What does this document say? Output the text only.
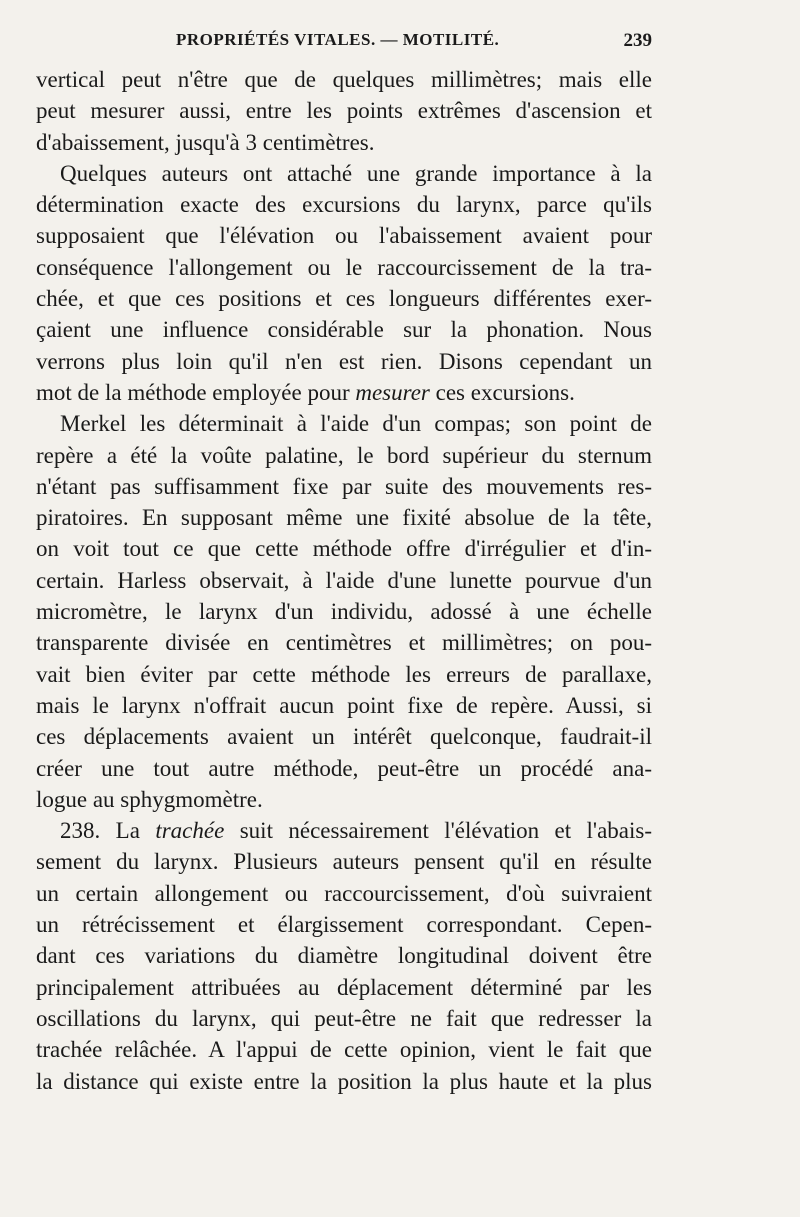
PROPRIÉTÉS VITALES. — MOTILITÉ.	239
vertical peut n'être que de quelques millimètres; mais elle
peut mesurer aussi, entre les points extrêmes d'ascension et
d'abaissement, jusqu'à 3 centimètres.
Quelques auteurs ont attaché une grande importance à la
détermination exacte des excursions du larynx, parce qu'ils
supposaient que l'élévation ou l'abaissement avaient pour
conséquence l'allongement ou le raccourcissement de la tra-
chée, et que ces positions et ces longueurs différentes exer-
çaient une influence considérable sur la phonation. Nous
verrons plus loin qu'il n'en est rien. Disons cependant un
mot de la méthode employée pour mesurer ces excursions.
Merkel les déterminait à l'aide d'un compas; son point de
repère a été la voûte palatine, le bord supérieur du sternum
n'étant pas suffisamment fixe par suite des mouvements res-
piratoires. En supposant même une fixité absolue de la tête,
on voit tout ce que cette méthode offre d'irrégulier et d'in-
certain. Harless observait, à l'aide d'une lunette pourvue d'un
micromètre, le larynx d'un individu, adossé à une échelle
transparente divisée en centimètres et millimètres; on pou-
vait bien éviter par cette méthode les erreurs de parallaxe,
mais le larynx n'offrait aucun point fixe de repère. Aussi, si
ces déplacements avaient un intérêt quelconque, faudrait-il
créer une tout autre méthode, peut-être un procédé ana-
logue au sphygmomètre.
238. La trachée suit nécessairement l'élévation et l'abais-
sement du larynx. Plusieurs auteurs pensent qu'il en résulte
un certain allongement ou raccourcissement, d'où suivraient
un rétrécissement et élargissement correspondant. Cepen-
dant ces variations du diamètre longitudinal doivent être
principalement attribuées au déplacement déterminé par les
oscillations du larynx, qui peut-être ne fait que redresser la
trachée relâchée. A l'appui de cette opinion, vient le fait que
la distance qui existe entre la position la plus haute et la plus
